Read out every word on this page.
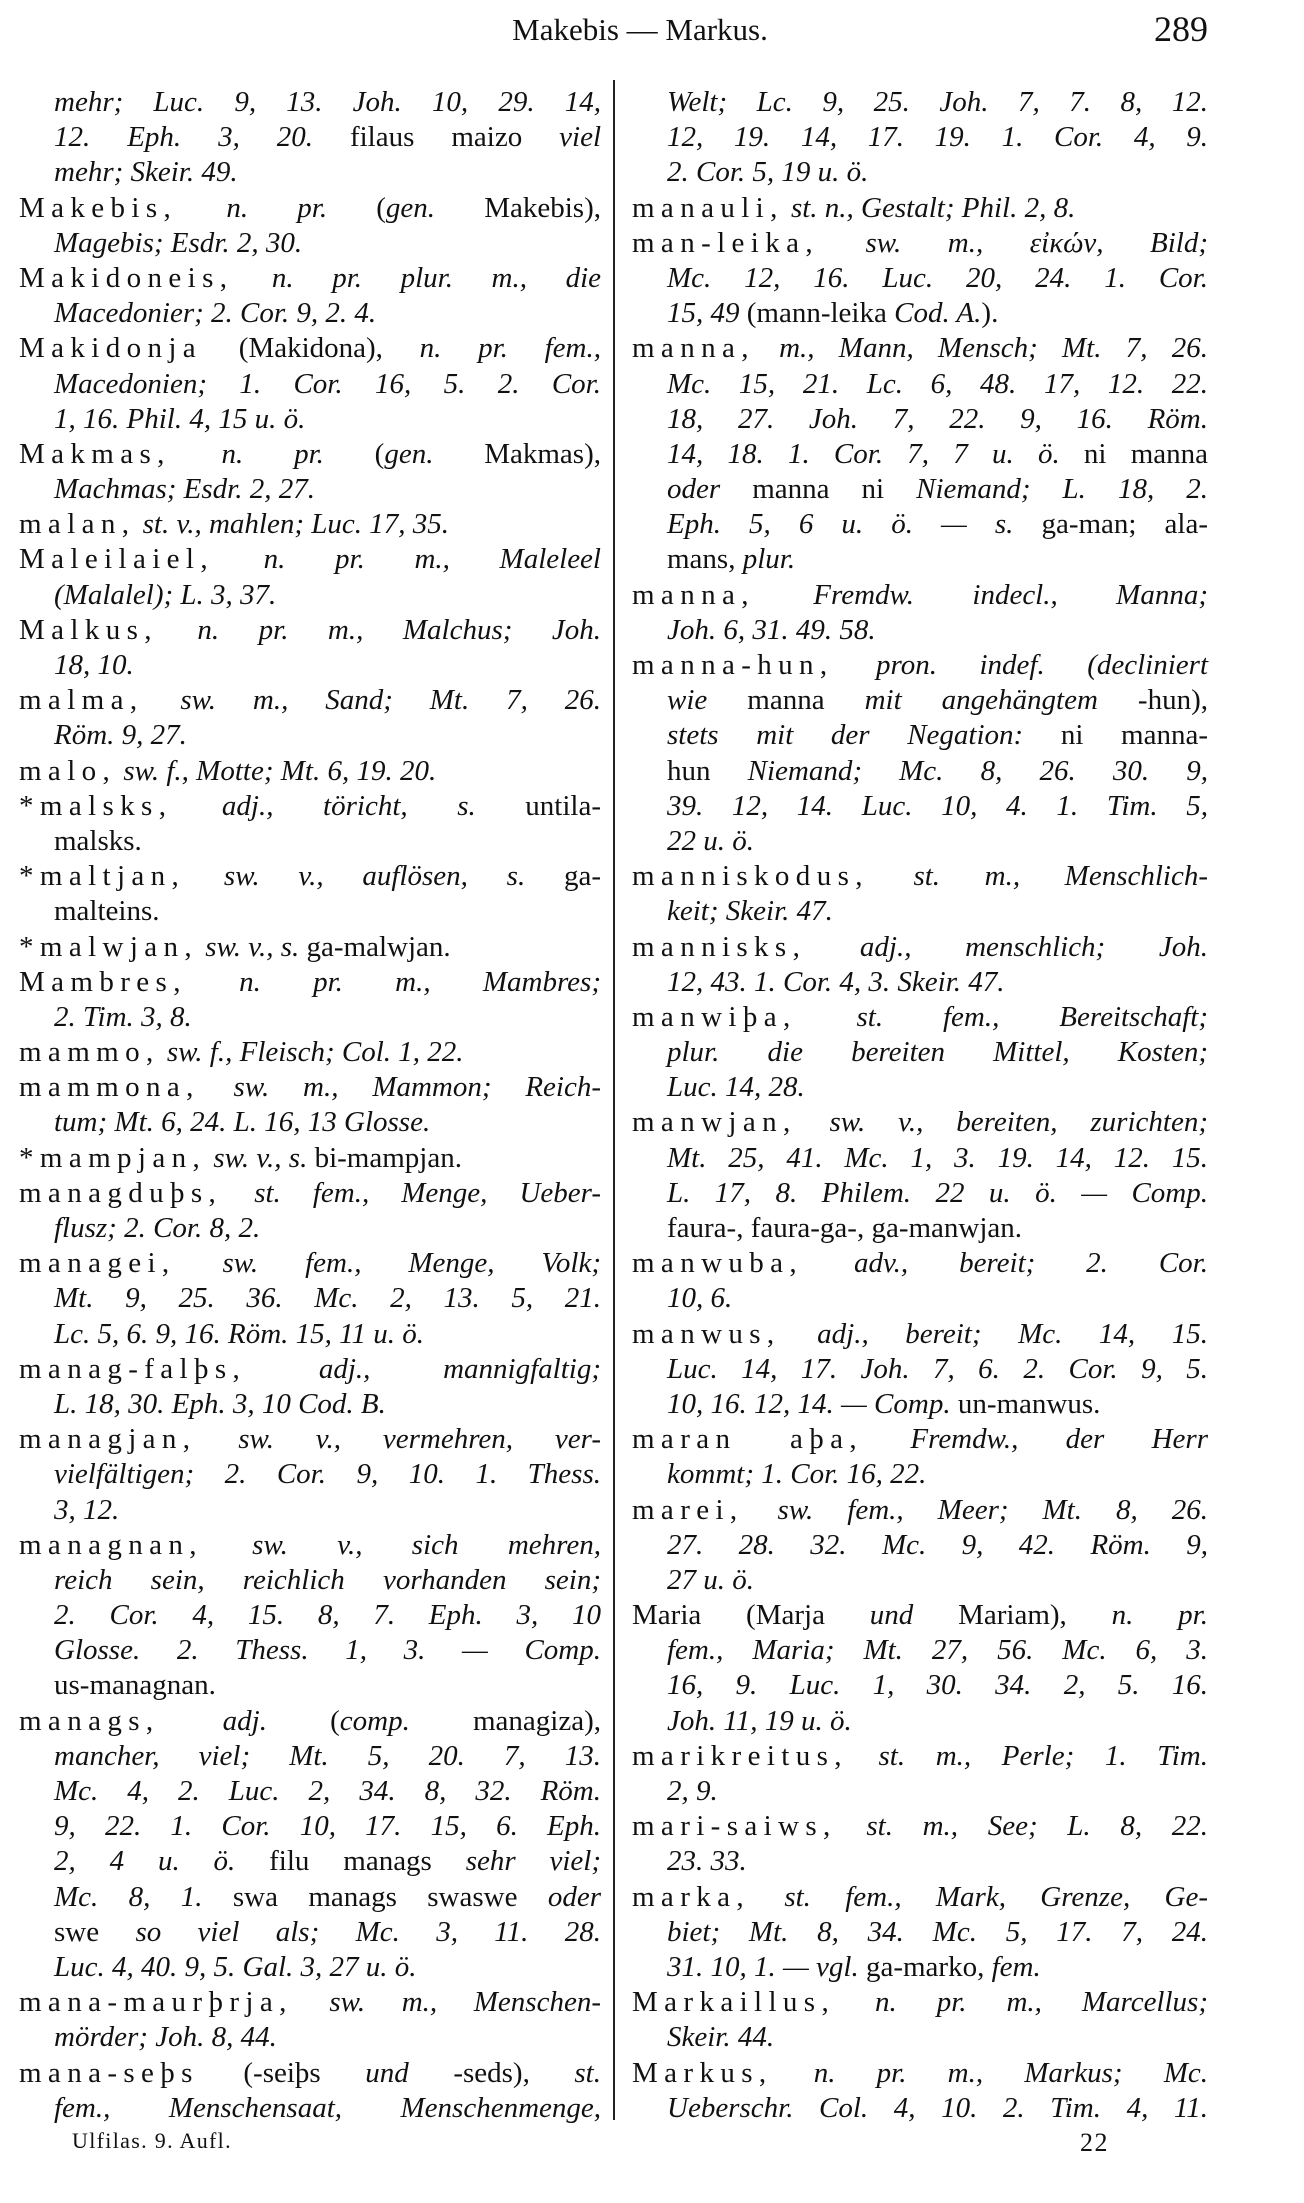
Makebis — Markus.	289
mehr; Luc. 9, 13. Joh. 10, 29. 14,
12. Eph. 3, 20. filaus maizo viel
mehr; Skeir. 49.
Makebis, n. pr. (gen. Makebis),
Magebis; Esdr. 2, 30.
Makidoneis, n. pr. plur. m., die
Macedonier; 2. Cor. 9, 2. 4.
Makidonja (Makidona), n. pr. fem.,
Macedonien; 1. Cor. 16, 5. 2. Cor.
1, 16. Phil. 4, 15 u. ö.
Makmas, n. pr. (gen. Makmas),
Machmas; Esdr. 2, 27.
malan, st. v., mahlen; Luc. 17, 35.
Maleilaiel, n. pr. m., Maleleel
(Malalel); L. 3, 37.
Malkus, n. pr. m., Malchus; Joh.
18, 10.
malma, sw. m., Sand; Mt. 7, 26.
Röm. 9, 27.
malo, sw. f., Motte; Mt. 6, 19. 20.
*malsks, adj., töricht, s. untila-
malsks.
*maltjan, sw. v., auflösen, s. ga-
malteins.
*malwjan, sw. v., s. ga-malwjan.
Mambres, n. pr. m., Mambres;
2. Tim. 3, 8.
mammo, sw. f., Fleisch; Col. 1, 22.
mammona, sw. m., Mammon; Reich-
tum; Mt. 6, 24. L. 16, 13 Glosse.
*mampjan, sw. v., s. bi-mampjan.
managduþs, st. fem., Menge, Ueber-
flusz; 2. Cor. 8, 2.
managei, sw. fem., Menge, Volk;
Mt. 9, 25. 36. Mc. 2, 13. 5, 21.
Lc. 5, 6. 9, 16. Röm. 15, 11 u. ö.
manag-falþs, adj., mannigfaltig;
L. 18, 30. Eph. 3, 10 Cod. B.
managjan, sw. v., vermehren, ver-
vielfältigen; 2. Cor. 9, 10. 1. Thess.
3, 12.
managnan, sw. v., sich mehren,
reich sein, reichlich vorhanden sein;
2. Cor. 4, 15. 8, 7. Eph. 3, 10
Glosse. 2. Thess. 1, 3. — Comp.
us-managnan.
manags, adj. (comp. managiza),
mancher, viel; Mt. 5, 20. 7, 13.
Mc. 4, 2. Luc. 2, 34. 8, 32. Röm.
9, 22. 1. Cor. 10, 17. 15, 6. Eph.
2, 4 u. ö. filu manags sehr viel;
Mc. 8, 1. swa manags swaswe oder
swe so viel als; Mc. 3, 11. 28.
Luc. 4, 40. 9, 5. Gal. 3, 27 u. ö.
mana-maurþrja, sw. m., Menschen-
mörder; Joh. 8, 44.
mana-seþs (-seiþs und -seds), st.
fem., Menschensaat, Menschenmenge,
Welt; Lc. 9, 25. Joh. 7, 7. 8, 12.
12, 19. 14, 17. 19. 1. Cor. 4, 9.
2. Cor. 5, 19 u. ö.
manauli, st. n., Gestalt; Phil. 2, 8.
man-leika, sw. m., εἰκών, Bild;
Mc. 12, 16. Luc. 20, 24. 1. Cor.
15, 49 (mann-leika Cod. A.).
manna, m., Mann, Mensch; Mt. 7, 26.
Mc. 15, 21. Lc. 6, 48. 17, 12. 22.
18, 27. Joh. 7, 22. 9, 16. Röm.
14, 18. 1. Cor. 7, 7 u. ö. ni manna
oder manna ni Niemand; L. 18, 2.
Eph. 5, 6 u. ö. — s. ga-man; ala-
mans, plur.
manna, Fremdw. indecl., Manna;
Joh. 6, 31. 49. 58.
manna-hun, pron. indef. (decliniert
wie manna mit angehängtem -hun),
stets mit der Negation: ni manna-
hun Niemand; Mc. 8, 26. 30. 9,
39. 12, 14. Luc. 10, 4. 1. Tim. 5,
22 u. ö.
manniskodus, st. m., Menschlich-
keit; Skeir. 47.
mannisks, adj., menschlich; Joh.
12, 43. 1. Cor. 4, 3. Skeir. 47.
manwiþa, st. fem., Bereitschaft;
plur. die bereiten Mittel, Kosten;
Luc. 14, 28.
manwjan, sw. v., bereiten, zurichten;
Mt. 25, 41. Mc. 1, 3. 19. 14, 12. 15.
L. 17, 8. Philem. 22 u. ö. — Comp.
faura-, faura-ga-, ga-manwjan.
manwuba, adv., bereit; 2. Cor.
10, 6.
manwus, adj., bereit; Mc. 14, 15.
Luc. 14, 17. Joh. 7, 6. 2. Cor. 9, 5.
10, 16. 12, 14. — Comp. un-manwus.
maran aþa, Fremdw., der Herr
kommt; 1. Cor. 16, 22.
marei, sw. fem., Meer; Mt. 8, 26.
27. 28. 32. Mc. 9, 42. Röm. 9,
27 u. ö.
Maria (Marja und Mariam), n. pr.
fem., Maria; Mt. 27, 56. Mc. 6, 3.
16, 9. Luc. 1, 30. 34. 2, 5. 16.
Joh. 11, 19 u. ö.
marikreitus, st. m., Perle; 1. Tim.
2, 9.
mari-saiws, st. m., See; L. 8, 22.
23. 33.
marka, st. fem., Mark, Grenze, Ge-
biet; Mt. 8, 34. Mc. 5, 17. 7, 24.
31. 10, 1. — vgl. ga-marko, fem.
Markaillus, n. pr. m., Marcellus;
Skeir. 44.
Markus, n. pr. m., Markus; Mc.
Ueberschr. Col. 4, 10. 2. Tim. 4, 11.
Ulfilas. 9. Aufl.	22
